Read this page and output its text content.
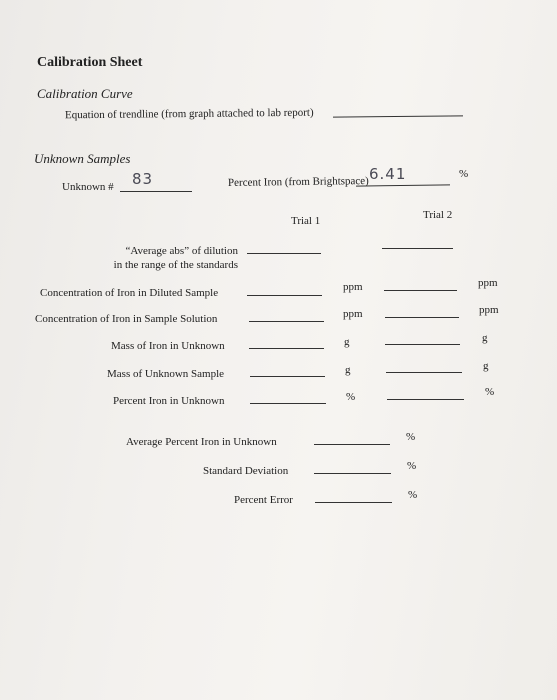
Calibration Sheet
Calibration Curve
Equation of trendline (from graph attached to lab report)
Unknown Samples
Unknown # 83	Percent Iron (from Brightspace) 6.41	%
Trial 1	Trial 2
“Average abs” of dilution
in the range of the standards
Concentration of Iron in Diluted Sample	ppm	ppm
Concentration of Iron in Sample Solution	ppm	ppm
Mass of Iron in Unknown	g	g
Mass of Unknown Sample	g	g
Percent Iron in Unknown	%	%
Average Percent Iron in Unknown	%
Standard Deviation	%
Percent Error	%
